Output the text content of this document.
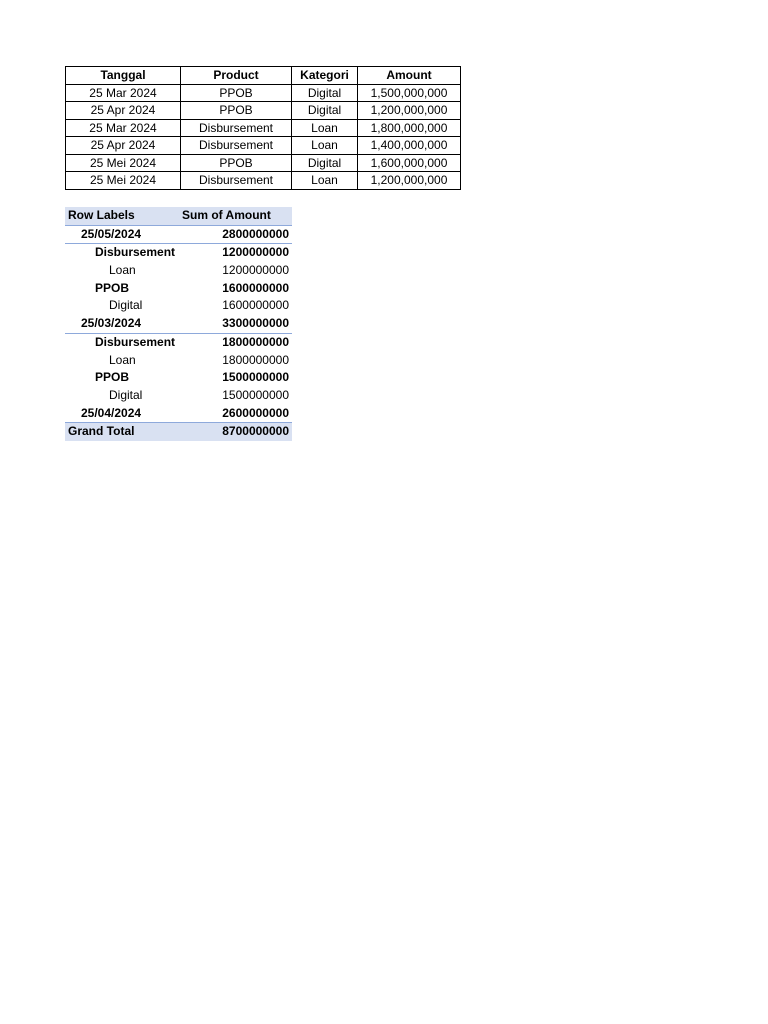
Tanggal	Product	Kategori	Amount
25 Mar 2024	PPOB	Digital	1,500,000,000
25 Apr 2024	PPOB	Digital	1,200,000,000
25 Mar 2024	Disbursement	Loan	1,800,000,000
25 Apr 2024	Disbursement	Loan	1,400,000,000
25 Mei 2024	PPOB	Digital	1,600,000,000
25 Mei 2024	Disbursement	Loan	1,200,000,000
Row Labels	Sum of Amount
25/05/2024	2800000000
Disbursement	1200000000
Loan	1200000000
PPOB	1600000000
Digital	1600000000
25/03/2024	3300000000
Disbursement	1800000000
Loan	1800000000
PPOB	1500000000
Digital	1500000000
25/04/2024	2600000000
Grand Total	8700000000
